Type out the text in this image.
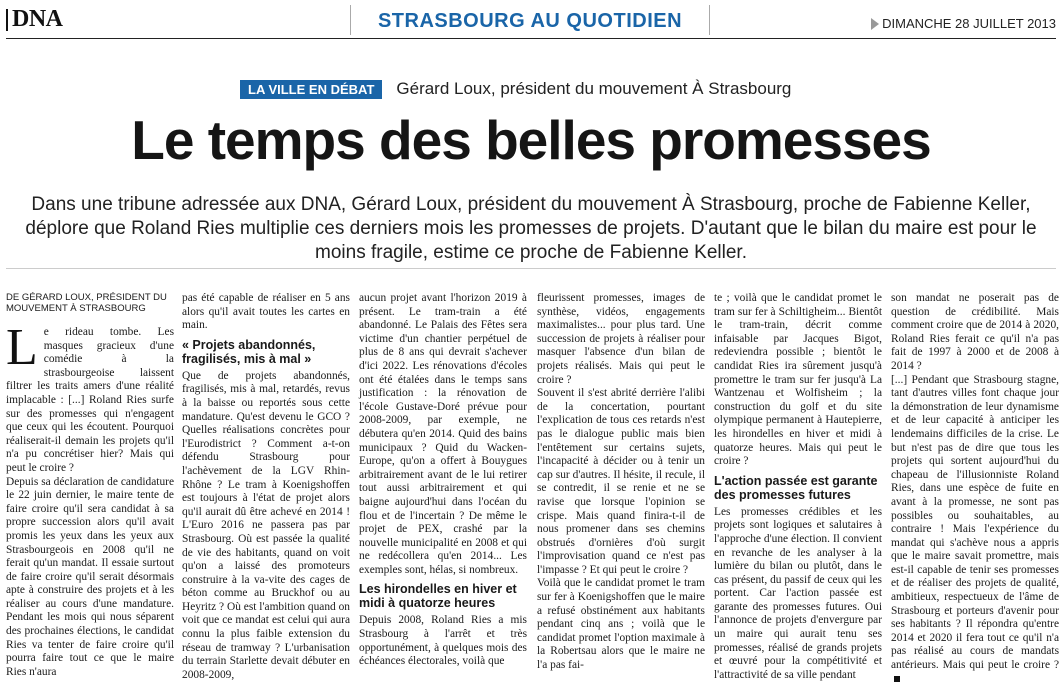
DNA	STRASBOURG AU QUOTIDIEN	DIMANCHE 28 JUILLET 2013
LA VILLE EN DÉBAT	Gérard Loux, président du mouvement À Strasbourg
Le temps des belles promesses
Dans une tribune adressée aux DNA, Gérard Loux, président du mouvement À Strasbourg, proche de Fabienne Keller, déplore que Roland Ries multiplie ces derniers mois les promesses de projets. D'autant que le bilan du maire est pour le moins fragile, estime ce proche de Fabienne Keller.
DE GÉRARD LOUX, PRÉSIDENT DU MOUVEMENT À STRASBOURG

Le rideau tombe. Les masques gracieux d'une comédie à la strasbourgeoise laissent filtrer les traits amers d'une réalité implacable : [...] Roland Ries surfe sur des promesses qui n'engagent que ceux qui les écoutent. Pourquoi réaliserait-il demain les projets qu'il n'a pu concrétiser hier? Mais qui peut le croire ?

Depuis sa déclaration de candidature le 22 juin dernier, le maire tente de faire croire qu'il sera candidat à sa propre succession alors qu'il avait promis les yeux dans les yeux aux Strasbourgeois en 2008 qu'il ne ferait qu'un mandat. Il essaie surtout de faire croire qu'il serait désormais apte à construire des projets et à les réaliser au cours d'une mandature. Pendant les mois qui nous séparent des prochaines élections, le candidat Ries va tenter de faire croire qu'il pourra faire tout ce que le maire Ries n'aura

pas été capable de réaliser en 5 ans alors qu'il avait toutes les cartes en main.

« Projets abandonnés, fragilisés, mis à mal »

Que de projets abandonnés, fragilisés, mis à mal, retardés, revus à la baisse ou reportés sous cette mandature. Qu'est devenu le GCO ? Quelles réalisations concrètes pour l'Eurodistrict ? Comment a-t-on défendu Strasbourg pour l'achèvement de la LGV Rhin-Rhône ? Le tram à Koenigshoffen est toujours à l'état de projet alors qu'il aurait dû être achevé en 2014 ! L'Euro 2016 ne passera pas par Strasbourg. Où est passée la qualité de vie des habitants, quand on voit qu'on a laissé des promoteurs construire à la va-vite des cages de béton comme au Bruckhof ou au Heyritz ? Où est l'ambition quand on voit que ce mandat est celui qui aura connu la plus faible extension du réseau de tramway ? L'urbanisation du terrain Starlette devait débuter en 2008-2009,

aucun projet avant l'horizon 2019 à présent. Le tram-train a été abandonné. Le Palais des Fêtes sera victime d'un chantier perpétuel de plus de 8 ans qui devrait s'achever d'ici 2022. Les rénovations d'écoles ont été étalées dans le temps sans justification : la rénovation de l'école Gustave-Doré prévue pour 2008-2009, par exemple, ne débutera qu'en 2014. Quid des bains municipaux ? Quid du Wacken-Europe, qu'on a offert à Bouygues arbitrairement avant de le lui retirer tout aussi arbitrairement et qui baigne aujourd'hui dans l'océan du flou et de l'incertain ? De même le projet de PEX, crashé par la nouvelle municipalité en 2008 et qui ne redécollera qu'en 2014... Les exemples sont, hélas, si nombreux.

Les hirondelles en hiver et midi à quatorze heures

Depuis 2008, Roland Ries a mis Strasbourg à l'arrêt et très opportunément, à quelques mois des échéances électorales, voilà que

fleurissent promesses, images de synthèse, vidéos, engagements maximalistes... pour plus tard. Une succession de projets à réaliser pour masquer l'absence d'un bilan de projets réalisés. Mais qui peut le croire ?

Souvent il s'est abrité derrière l'alibi de la concertation, pourtant l'explication de tous ces retards n'est pas le dialogue public mais bien l'entêtement sur certains sujets, l'incapacité à décider ou à tenir un cap sur d'autres. Il hésite, il recule, il se contredit, il se renie et ne se ravise que lorsque l'opinion se crispe. Mais quand finira-t-il de nous promener dans ses chemins obstrués d'ornières d'où surgit l'improvisation quand ce n'est pas l'impasse ? Et qui peut le croire ?

Voilà que le candidat promet le tram sur fer à Koenigshoffen que le maire a refusé obstinément aux habitants pendant cinq ans ; voilà que le candidat promet l'option maximale à la Robertsau alors que le maire ne l'a pas fai-

te ; voilà que le candidat promet le tram sur fer à Schiltigheim... Bientôt le tram-train, décrit comme infaisable par Jacques Bigot, redeviendra possible ; bientôt le candidat Ries ira sûrement jusqu'à promettre le tram sur fer jusqu'à La Wantzenau et Wolfisheim ; la construction du golf et du site olympique permanent à Hautepierre, les hirondelles en hiver et midi à quatorze heures. Mais qui peut le croire ?

L'action passée est garante des promesses futures

Les promesses crédibles et les projets sont logiques et salutaires à l'approche d'une élection. Il convient en revanche de les analyser à la lumière du bilan ou plutôt, dans le cas présent, du passif de ceux qui les portent. Car l'action passée est garante des promesses futures. Oui l'annonce de projets d'envergure par un maire qui aurait tenu ses promesses, réalisé de grands projets et œuvré pour la compétitivité et l'attractivité de sa ville pendant

son mandat ne poserait pas de question de crédibilité. Mais comment croire que de 2014 à 2020, Roland Ries ferait ce qu'il n'a pas fait de 1997 à 2000 et de 2008 à 2014 ?

[...] Pendant que Strasbourg stagne, tant d'autres villes font chaque jour la démonstration de leur dynamisme et de leur capacité à anticiper les lendemains difficiles de la crise. Le but n'est pas de dire que tous les projets qui sortent aujourd'hui du chapeau de l'illusionniste Roland Ries, dans une espèce de fuite en avant à la promesse, ne sont pas possibles ou souhaitables, au contraire ! Mais l'expérience du mandat qui s'achève nous a appris que le maire savait promettre, mais est-il capable de tenir ses promesses et de réaliser des projets de qualité, ambitieux, respectueux de l'âme de Strasbourg et porteurs d'avenir pour ses habitants ? Il répondra qu'entre 2014 et 2020 il fera tout ce qu'il n'a pas réalisé au cours de mandats antérieurs. Mais qui peut le croire ?
